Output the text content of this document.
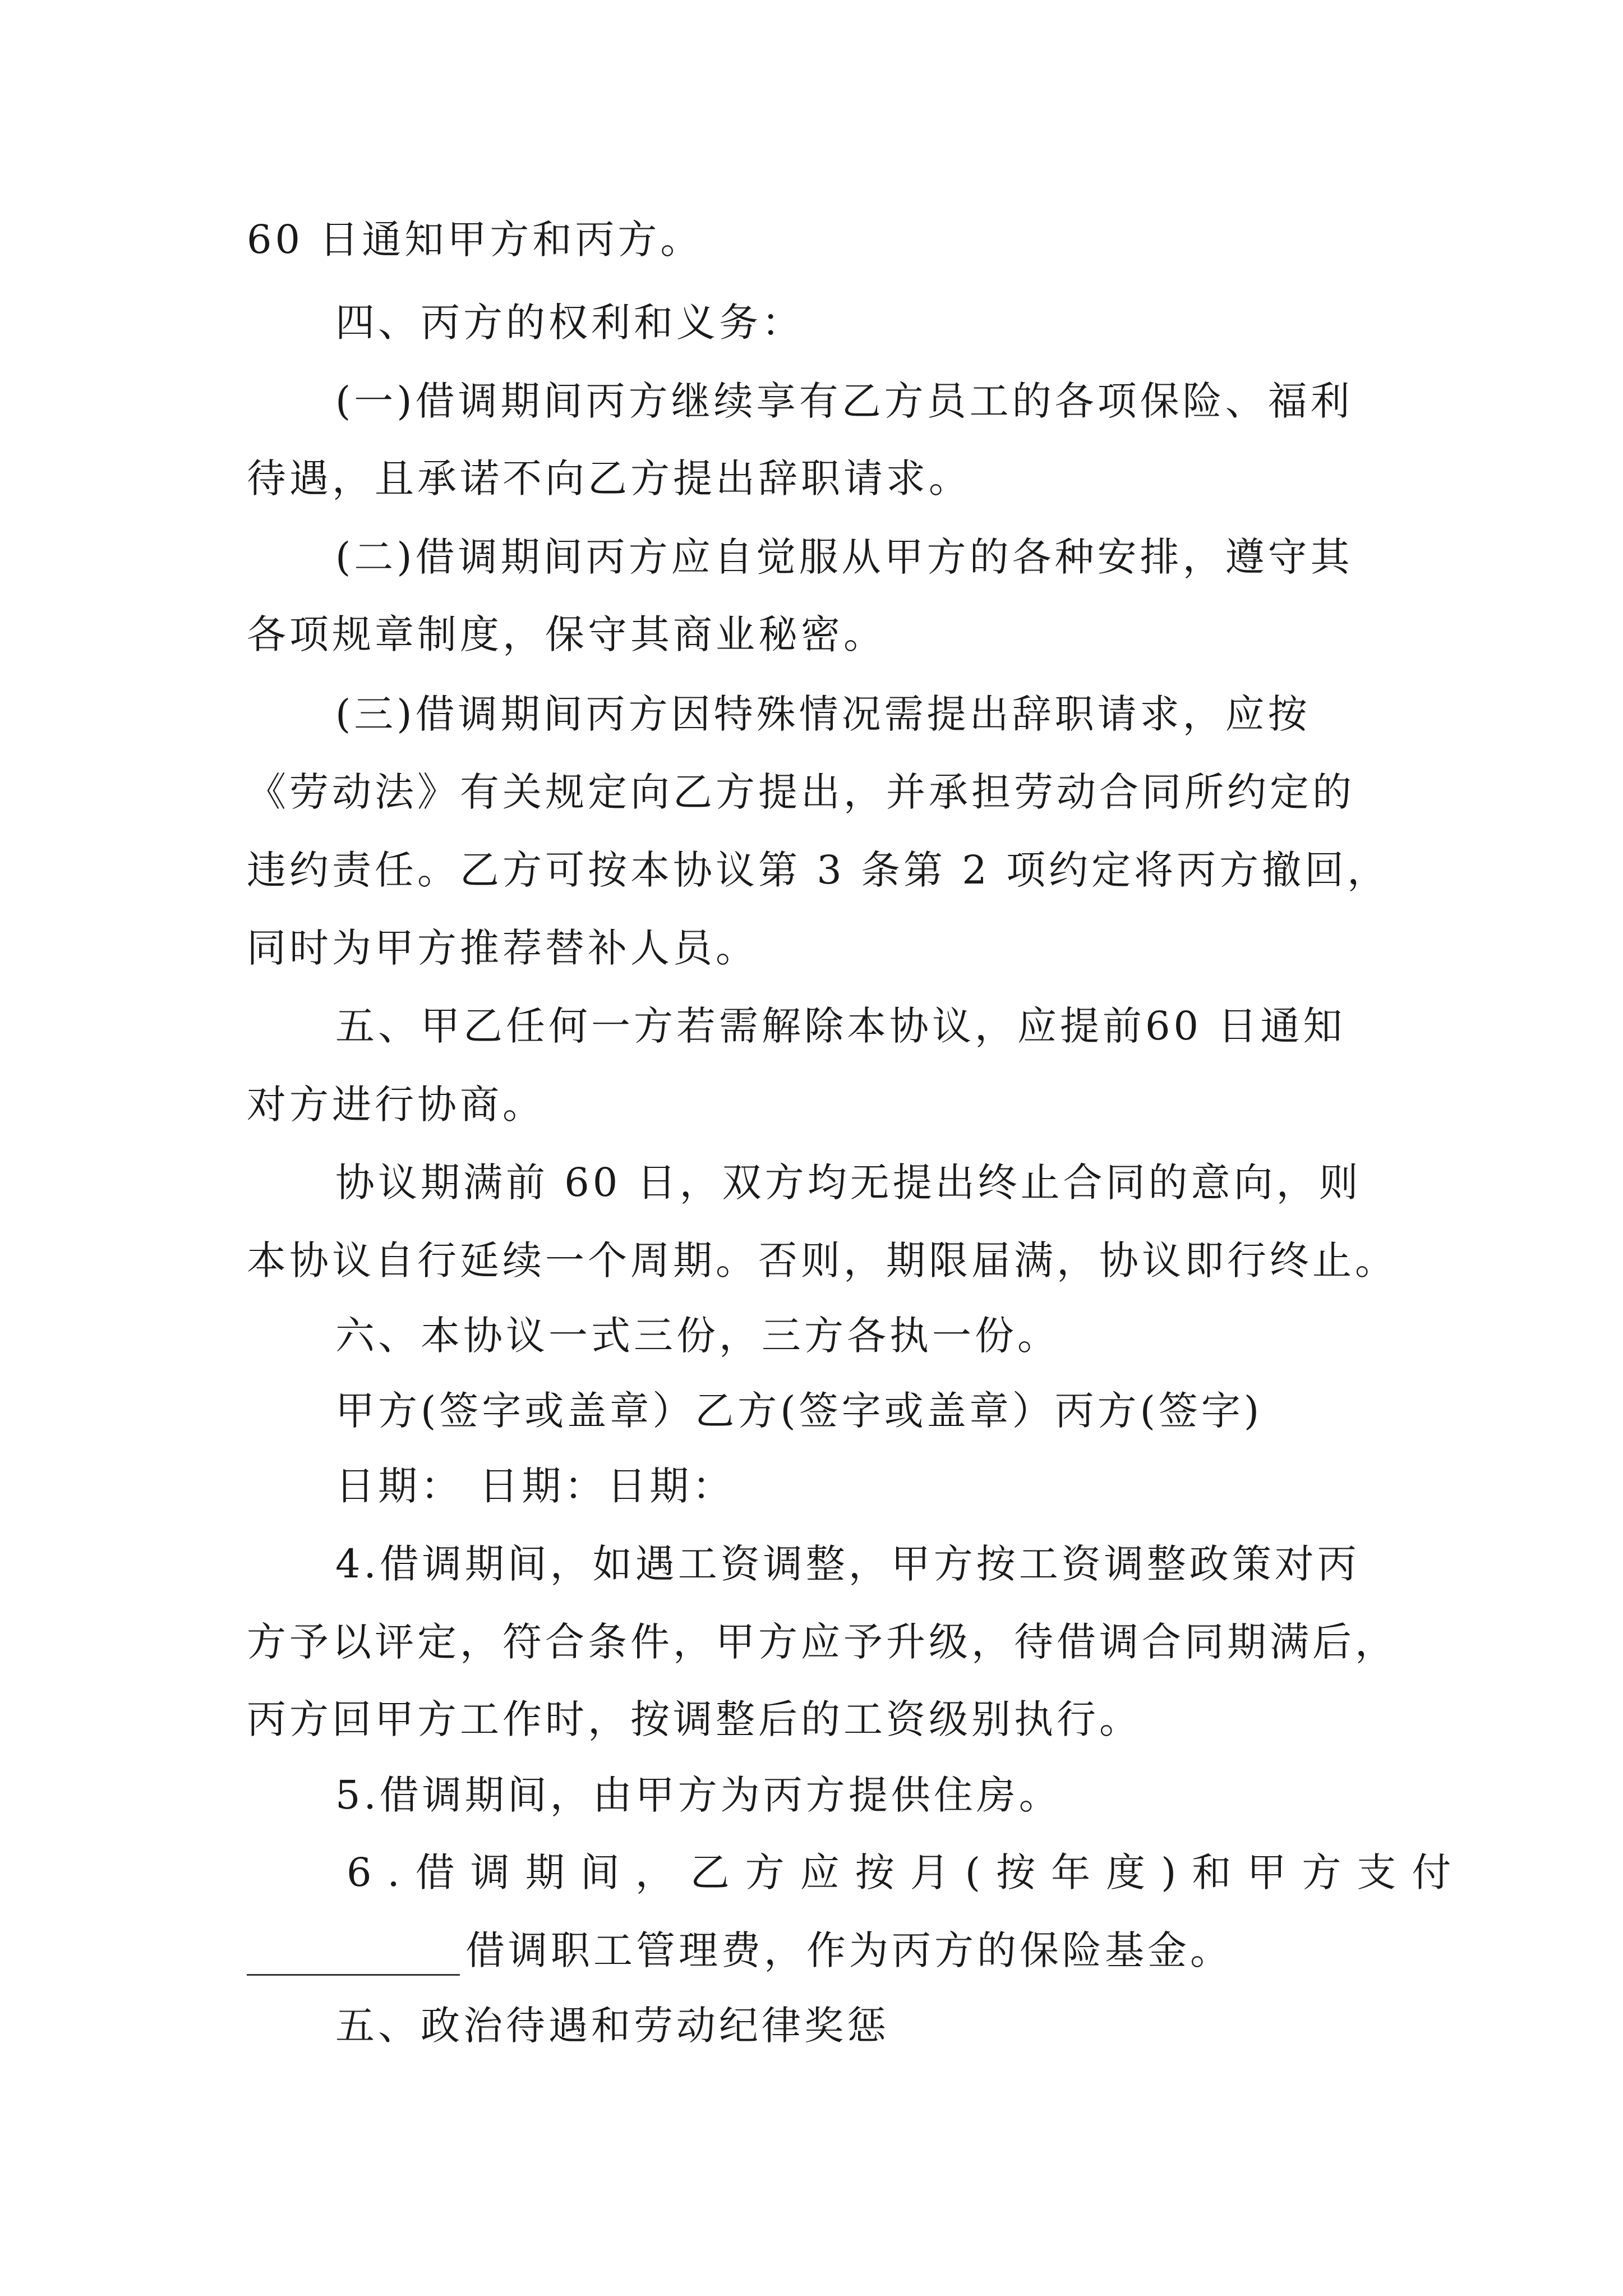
60 日通知甲方和丙方。
四、丙方的权利和义务：
(一)借调期间丙方继续享有乙方员工的各项保险、福利
待遇，且承诺不向乙方提出辞职请求。
(二)借调期间丙方应自觉服从甲方的各种安排，遵守其
各项规章制度，保守其商业秘密。
(三)借调期间丙方因特殊情况需提出辞职请求，应按
《劳动法》有关规定向乙方提出，并承担劳动合同所约定的
违约责任。乙方可按本协议第 3 条第 2 项约定将丙方撤回，
同时为甲方推荐替补人员。
五、甲乙任何一方若需解除本协议，应提前60 日通知
对方进行协商。
协议期满前 60 日，双方均无提出终止合同的意向，则
本协议自行延续一个周期。否则，期限届满，协议即行终止。
六、本协议一式三份，三方各执一份。
甲方(签字或盖章）乙方(签字或盖章）丙方(签字)
日期： 日期：日期：
4.借调期间，如遇工资调整，甲方按工资调整政策对丙
方予以评定，符合条件，甲方应予升级，待借调合同期满后，
丙方回甲方工作时，按调整后的工资级别执行。
5.借调期间，由甲方为丙方提供住房。
6.借调期间，乙方应按月(按年度)和甲方支付
借调职工管理费，作为丙方的保险基金。
五、政治待遇和劳动纪律奖惩
